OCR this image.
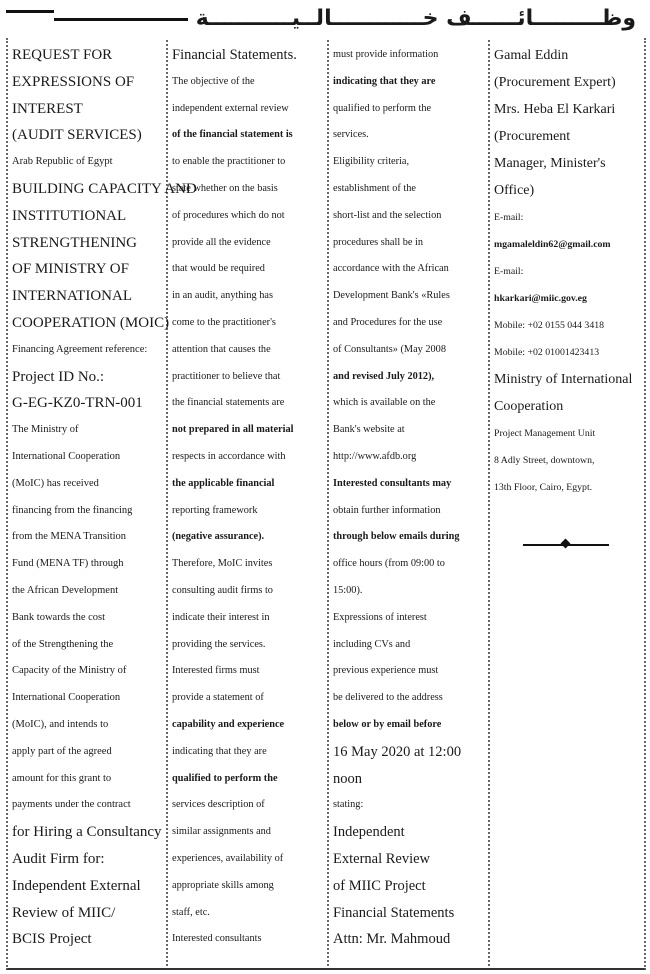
وظـــــــــائــــــف خــــــــــــالــيـــــــــــة
REQUEST FOR
EXPRESSIONS OF
INTEREST
(AUDIT SERVICES)
Arab Republic of Egypt
BUILDING CAPACITY AND
INSTITUTIONAL
STRENGTHENING
OF MINISTRY OF
INTERNATIONAL
COOPERATION (MOIC)
Financing Agreement reference:
Project ID No.:
G-EG-KZ0-TRN-001
The Ministry of
International Cooperation
(MoIC) has received
financing from the financing
from the MENA Transition
Fund (MENA TF) through
the African Development
Bank towards the cost
of the Strengthening the
Capacity of the Ministry of
International Cooperation
(MoIC), and intends to
apply part of the agreed
amount for this grant to
payments under the contract
for Hiring a Consultancy
Audit Firm for:
Independent External
Review of MIIC/
BCIS Project
Financial Statements.
The objective of the
independent external review
of the financial statement is
to enable the practitioner to
state whether on the basis
of procedures which do not
provide all the evidence
that would be required
in an audit, anything has
come to the practitioner's
attention that causes the
practitioner to believe that
the financial statements are
not prepared in all material
respects in accordance with
the applicable financial
reporting framework
(negative assurance).
Therefore, MoIC invites
consulting audit firms to
indicate their interest in
providing the services.
Interested firms must
provide a statement of
capability and experience
indicating that they are
qualified to perform the
services description of
similar assignments and
experiences, availability of
appropriate skills among
staff, etc.
Interested consultants
must provide information
indicating that they are
qualified to perform the
services.
Eligibility criteria,
establishment of the
short-list and the selection
procedures shall be in
accordance with the African
Development Bank's «Rules
and Procedures for the use
of Consultants» (May 2008
and revised July 2012),
which is available on the
Bank's website at
http://www.afdb.org
Interested consultants may
obtain further information
through below emails during
office hours (from 09:00 to
15:00).
Expressions of interest
including CVs and
previous experience must
be delivered to the address
below or by email before
16 May 2020 at 12:00
noon
stating:
Independent
External Review
of MIIC Project
Financial Statements
Attn: Mr. Mahmoud
Gamal Eddin
(Procurement Expert)
Mrs. Heba El Karkari
(Procurement
Manager, Minister's
Office)
E-mail:
mgamaleldin62@gmail.com
E-mail:
hkarkari@miic.gov.eg
Mobile: +02 0155 044 3418
Mobile: +02 01001423413
Ministry of International
Cooperation
Project Management Unit
8 Adly Street, downtown,
13th Floor, Cairo, Egypt.
